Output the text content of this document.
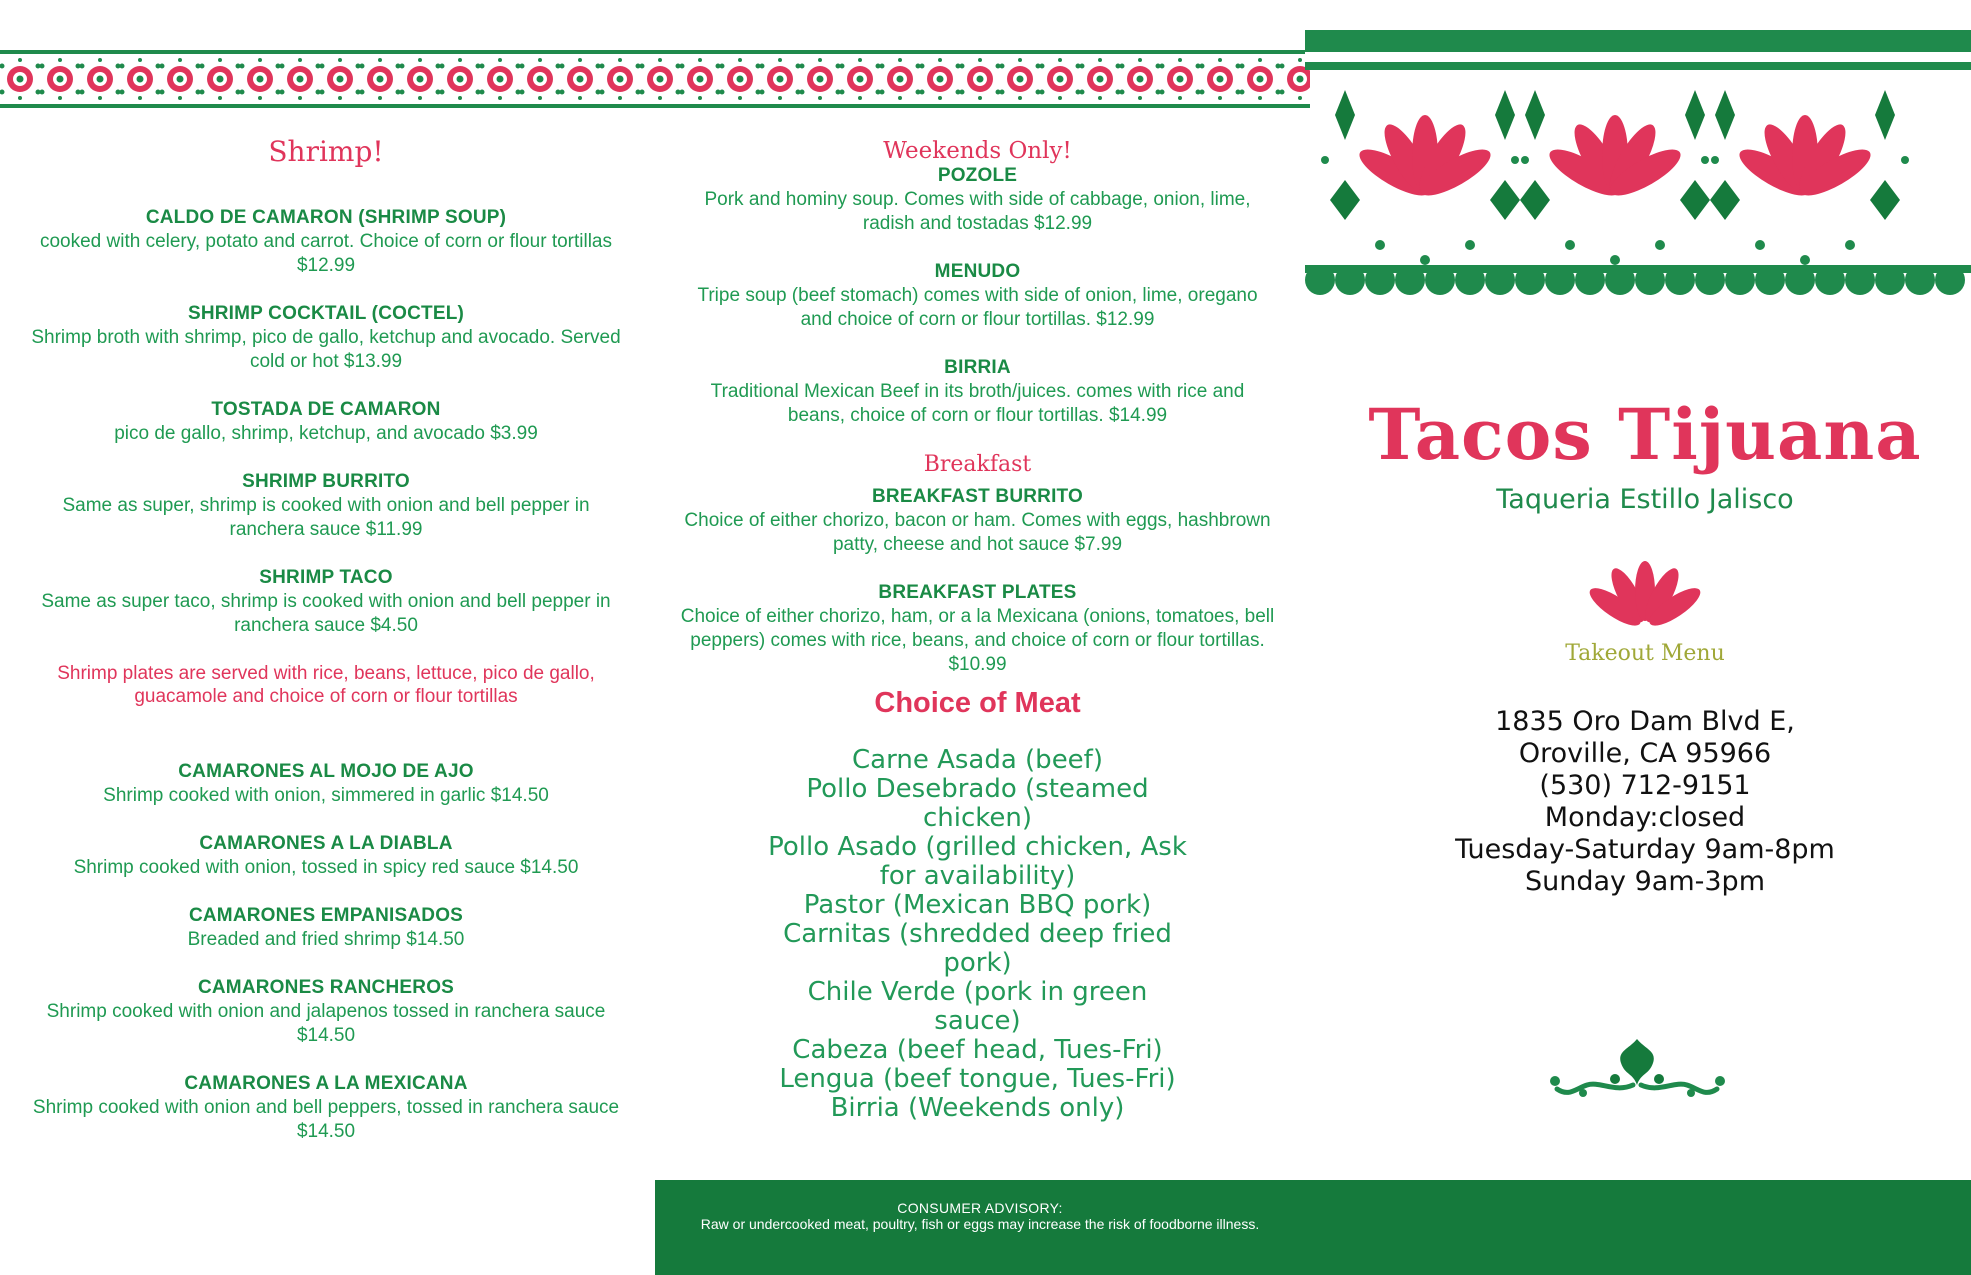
Shrimp!
CALDO DE CAMARON (SHRIMP SOUP)
cooked with celery, potato and carrot. Choice of corn or flour tortillas $12.99
SHRIMP COCKTAIL (COCTEL)
Shrimp broth with shrimp, pico de gallo, ketchup and avocado. Served cold or hot $13.99
TOSTADA DE CAMARON
pico de gallo, shrimp, ketchup, and avocado $3.99
SHRIMP BURRITO
Same as super, shrimp is cooked with onion and bell pepper in ranchera sauce $11.99
SHRIMP TACO
Same as super taco, shrimp is cooked with onion and bell pepper in ranchera sauce $4.50

Shrimp plates are served with rice, beans, lettuce, pico de gallo, guacamole and choice of corn or flour tortillas

CAMARONES AL MOJO DE AJO
Shrimp cooked with onion, simmered in garlic $14.50
CAMARONES A LA DIABLA
Shrimp cooked with onion, tossed in spicy red sauce $14.50
CAMARONES EMPANISADOS
Breaded and fried shrimp $14.50
CAMARONES RANCHEROS
Shrimp cooked with onion and jalapenos tossed in ranchera sauce $14.50
CAMARONES A LA MEXICANA
Shrimp cooked with onion and bell peppers, tossed in ranchera sauce $14.50
Weekends Only!
POZOLE
Pork and hominy soup. Comes with side of cabbage, onion, lime, radish and tostadas $12.99
MENUDO
Tripe soup (beef stomach) comes with side of onion, lime, oregano and choice of corn or flour tortillas. $12.99
BIRRIA
Traditional Mexican Beef in its broth/juices. comes with rice and beans, choice of corn or flour tortillas. $14.99
Breakfast
BREAKFAST BURRITO
Choice of either chorizo, bacon or ham. Comes with eggs, hashbrown patty, cheese and hot sauce $7.99
BREAKFAST PLATES
Choice of either chorizo, ham, or a la Mexicana (onions, tomatoes, bell peppers) comes with rice, beans, and choice of corn or flour tortillas. $10.99
Choice of Meat
Carne Asada (beef)
Pollo Desebrado (steamed chicken)
Pollo Asado (grilled chicken, Ask for availability)
Pastor (Mexican BBQ pork)
Carnitas (shredded deep fried pork)
Chile Verde (pork in green sauce)
Cabeza (beef head, Tues-Fri)
Lengua (beef tongue, Tues-Fri)
Birria (Weekends only)
Tacos Tijuana
Taqueria Estillo Jalisco
Takeout Menu
1835 Oro Dam Blvd E,
Oroville, CA 95966
(530) 712-9151
Monday:closed
Tuesday-Saturday 9am-8pm
Sunday 9am-3pm
CONSUMER ADVISORY:
Raw or undercooked meat, poultry, fish or eggs may increase the risk of foodborne illness.
